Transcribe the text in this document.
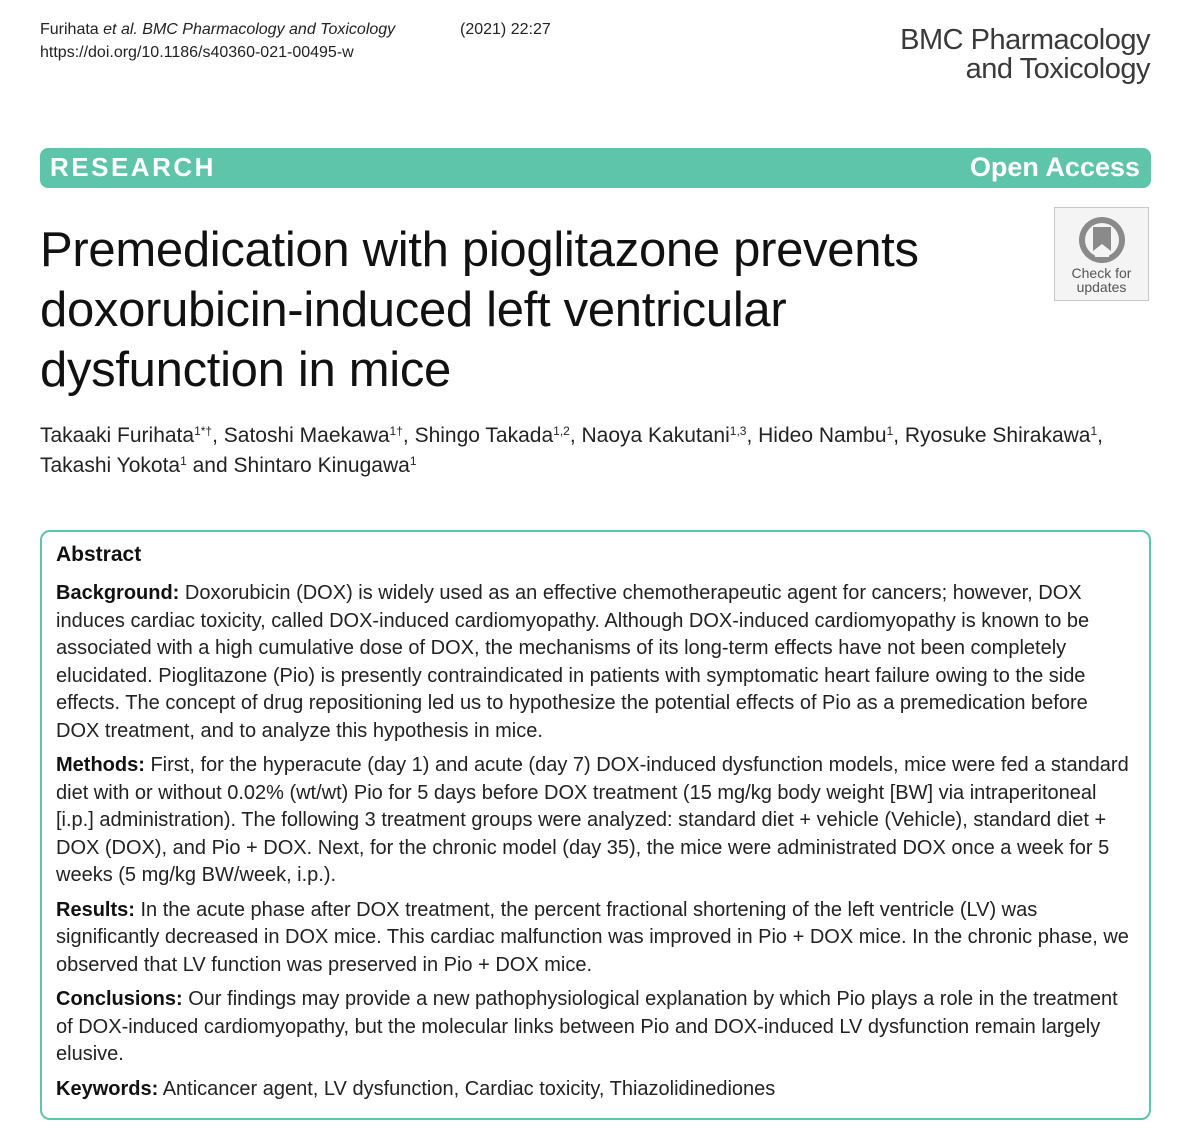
Furihata et al. BMC Pharmacology and Toxicology	(2021) 22:27
https://doi.org/10.1186/s40360-021-00495-w	BMC Pharmacology
and Toxicology
RESEARCH	Open Access
Premedication with pioglitazone prevents doxorubicin-induced left ventricular dysfunction in mice
Check for
updates
Takaaki Furihata$^{1*\dagger}$, Satoshi Maekawa$^{1\dagger}$, Shingo Takada$^{1,2}$, Naoya Kakutani$^{1,3}$, Hideo Nambu$^1$, Ryosuke Shirakawa$^1$,
Takashi Yokota$^1$ and Shintaro Kinugawa$^1$
Abstract

Background: Doxorubicin (DOX) is widely used as an effective chemotherapeutic agent for cancers; however, DOX induces cardiac toxicity, called DOX-induced cardiomyopathy. Although DOX-induced cardiomyopathy is known to be associated with a high cumulative dose of DOX, the mechanisms of its long-term effects have not been completely elucidated. Pioglitazone (Pio) is presently contraindicated in patients with symptomatic heart failure owing to the side effects. The concept of drug repositioning led us to hypothesize the potential effects of Pio as a premedication before DOX treatment, and to analyze this hypothesis in mice.

Methods: First, for the hyperacute (day 1) and acute (day 7) DOX-induced dysfunction models, mice were fed a standard diet with or without 0.02% (wt/wt) Pio for 5 days before DOX treatment (15 mg/kg body weight [BW] via intraperitoneal [i.p.] administration). The following 3 treatment groups were analyzed: standard diet + vehicle (Vehicle), standard diet + DOX (DOX), and Pio + DOX. Next, for the chronic model (day 35), the mice were administrated DOX once a week for 5 weeks (5 mg/kg BW/week, i.p.).

Results: In the acute phase after DOX treatment, the percent fractional shortening of the left ventricle (LV) was significantly decreased in DOX mice. This cardiac malfunction was improved in Pio + DOX mice. In the chronic phase, we observed that LV function was preserved in Pio + DOX mice.

Conclusions: Our findings may provide a new pathophysiological explanation by which Pio plays a role in the treatment of DOX-induced cardiomyopathy, but the molecular links between Pio and DOX-induced LV dysfunction remain largely elusive.

Keywords: Anticancer agent, LV dysfunction, Cardiac toxicity, Thiazolidinediones
